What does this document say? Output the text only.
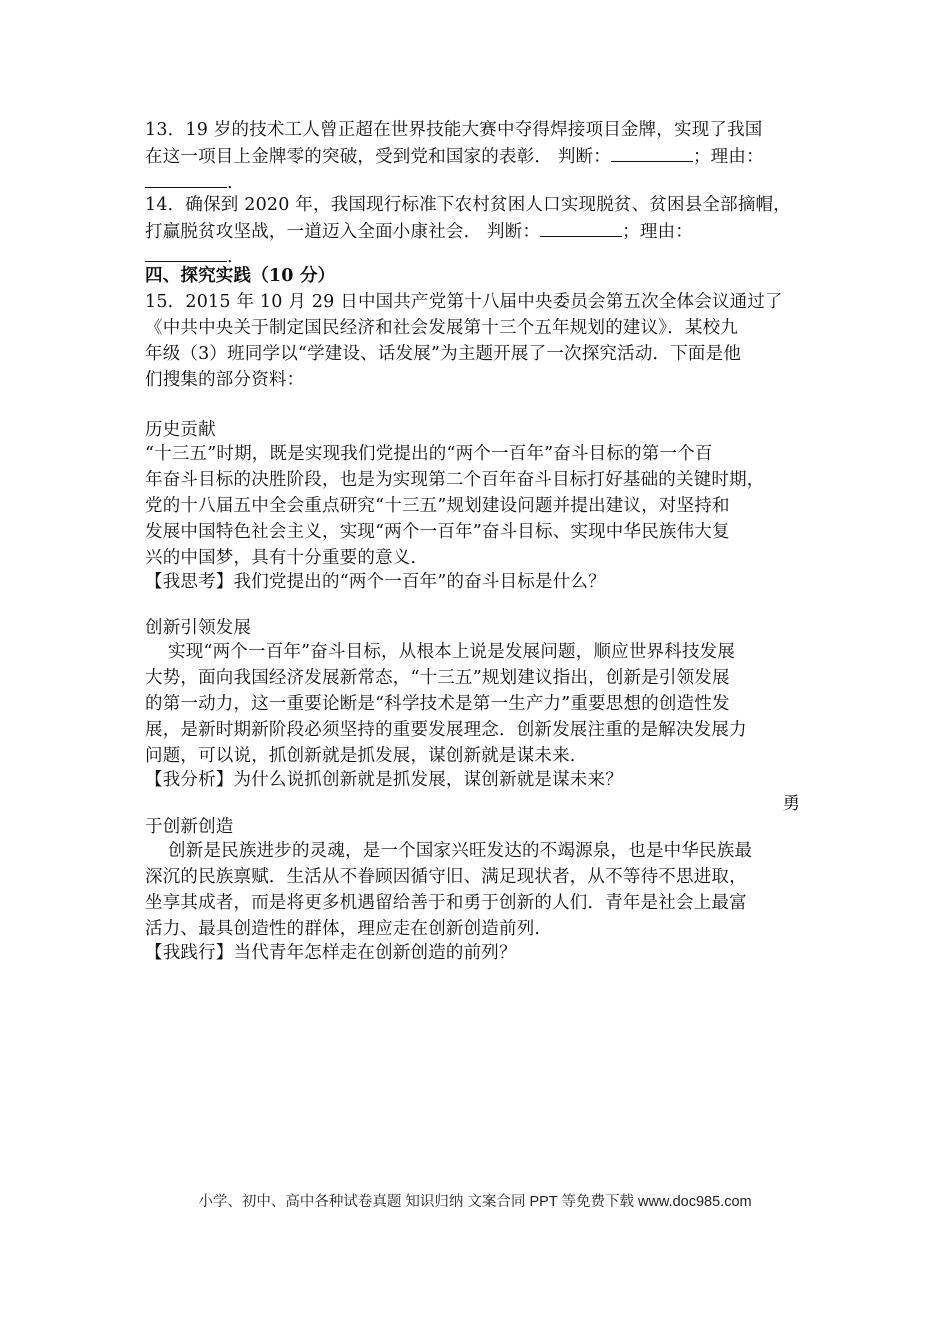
13．19 岁的技术工人曾正超在世界技能大赛中夺得焊接项目金牌，实现了我国
在这一项目上金牌零的突破，受到党和国家的表彰． 判断：	；理由：
.
14．确保到 2020 年，我国现行标准下农村贫困人口实现脱贫、贫困县全部摘帽，
打赢脱贫攻坚战，一道迈入全面小康社会． 判断：	；理由：
.
四、探究实践（10 分）
15．2015 年 10 月 29 日中国共产党第十八届中央委员会第五次全体会议通过了
《中共中央关于制定国民经济和社会发展第十三个五年规划的建议》．某校九
年级（3）班同学以“学建设、话发展”为主题开展了一次探究活动．下面是他
们搜集的部分资料：
历史贡献
“十三五”时期，既是实现我们党提出的“两个一百年”奋斗目标的第一个百
年奋斗目标的决胜阶段，也是为实现第二个百年奋斗目标打好基础的关键时期，
党的十八届五中全会重点研究“十三五”规划建设问题并提出建议，对坚持和
发展中国特色社会主义，实现“两个一百年”奋斗目标、实现中华民族伟大复
兴的中国梦，具有十分重要的意义.
【我思考】我们党提出的“两个一百年”的奋斗目标是什么？
创新引领发展
实现“两个一百年”奋斗目标，从根本上说是发展问题，顺应世界科技发展
大势，面向我国经济发展新常态，“十三五”规划建议指出，创新是引领发展
的第一动力，这一重要论断是“科学技术是第一生产力”重要思想的创造性发
展，是新时期新阶段必须坚持的重要发展理念．创新发展注重的是解决发展力
问题，可以说，抓创新就是抓发展，谋创新就是谋未来.
【我分析】为什么说抓创新就是抓发展，谋创新就是谋未来？
勇
于创新创造
创新是民族进步的灵魂，是一个国家兴旺发达的不竭源泉，也是中华民族最
深沉的民族禀赋．生活从不眷顾因循守旧、满足现状者，从不等待不思进取，
坐享其成者，而是将更多机遇留给善于和勇于创新的人们．青年是社会上最富
活力、最具创造性的群体，理应走在创新创造前列.
【我践行】当代青年怎样走在创新创造的前列？
小学、初中、高中各种试卷真题 知识归纳 文案合同 PPT 等免费下载 www.doc985.com
